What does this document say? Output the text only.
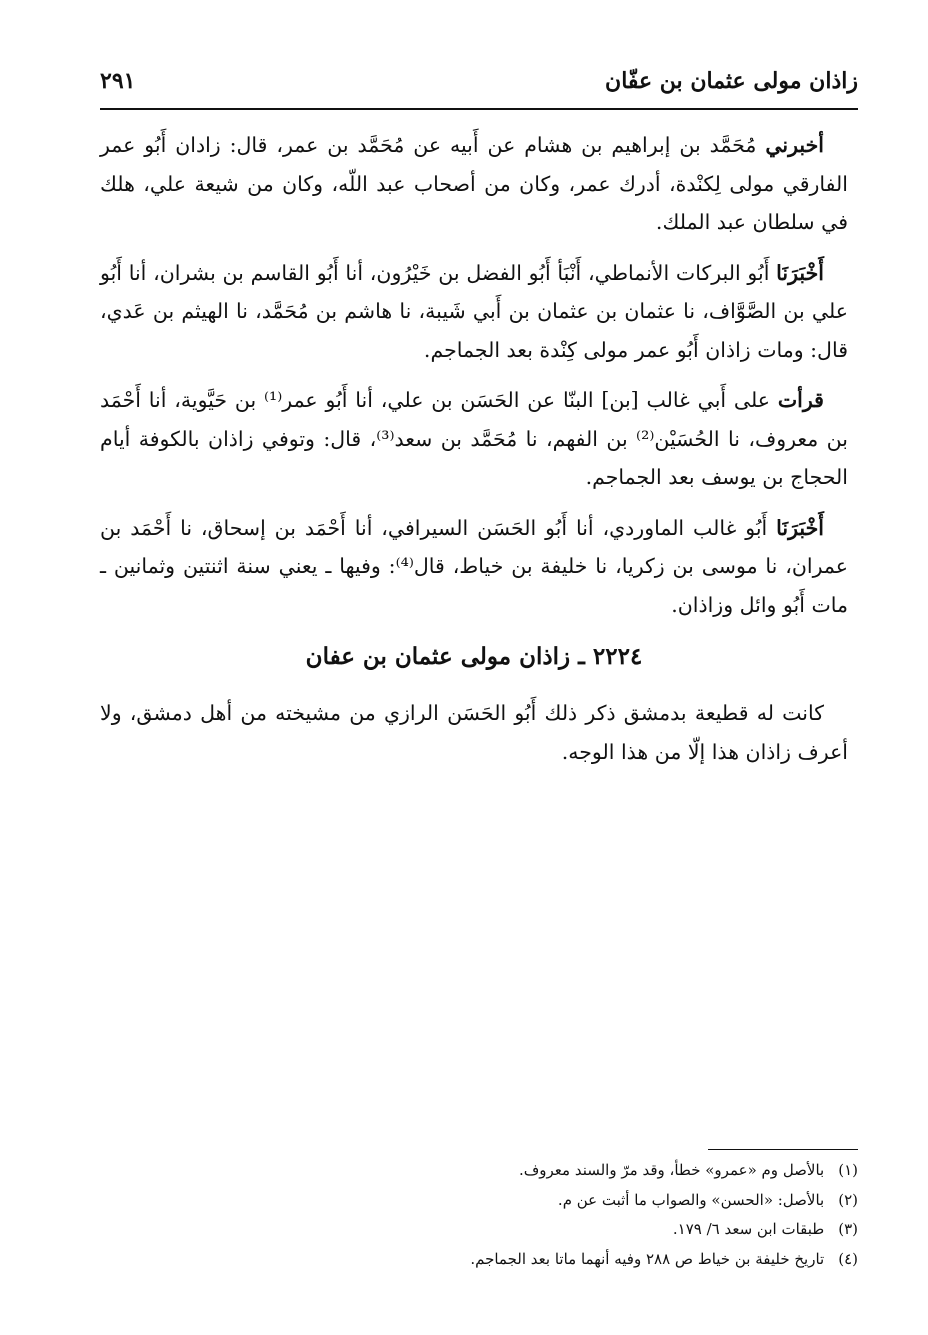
زاذان مولى عثمان بن عفّان
٢٩١

أخبرني مُحَمَّد بن إبراهيم بن هشام عن أَبيه عن مُحَمَّد بن عمر، قال: زادان أَبُو عمر الفارقي مولى لِكنْدة، أدرك عمر، وكان من أصحاب عبد اللّه، وكان من شيعة علي، هلك في سلطان عبد الملك.

أَخْبَرَنَا أَبُو البركات الأنماطي، أَنْبَأ أَبُو الفضل بن خَيْرُون، أنا أَبُو القاسم بن بشران، أنا أَبُو علي بن الصَّوَّاف، نا عثمان بن عثمان بن أَبي شَيبة، نا هاشم بن مُحَمَّد، نا الهيثم بن عَدي، قال: ومات زاذان أَبُو عمر مولى كِنْدة بعد الجماجم.

قرأت على أَبي غالب [بن] البنّا عن الحَسَن بن علي، أنا أَبُو عمر⁽¹⁾ بن حَيَّوية، أنا أَحْمَد بن معروف، نا الحُسَيْن⁽²⁾ بن الفهم، نا مُحَمَّد بن سعد⁽³⁾، قال: وتوفي زاذان بالكوفة أيام الحجاج بن يوسف بعد الجماجم.

أَخْبَرَنَا أَبُو غالب الماوردي، أنا أَبُو الحَسَن السيرافي، أنا أَحْمَد بن إسحاق، نا أَحْمَد بن عمران، نا موسى بن زكريا، نا خليفة بن خياط، قال⁽⁴⁾: وفيها ـ يعني سنة اثنتين وثمانين ـ مات أَبُو وائل وزاذان.

٢٢٢٤ ـ زاذان مولى عثمان بن عفان

كانت له قطيعة بدمشق ذكر ذلك أَبُو الحَسَن الرازي من مشيخته من أهل دمشق، ولا أعرف زاذان هذا إلّا من هذا الوجه.

(١)بالأصل وم «عمرو» خطأ، وقد مرّ والسند معروف.
(٢)بالأصل: «الحسن» والصواب ما أثبت عن م.
(٣)طبقات ابن سعد ٦/ ١٧٩.
(٤)تاريخ خليفة بن خياط ص ٢٨٨ وفيه أنهما ماتا بعد الجماجم.
